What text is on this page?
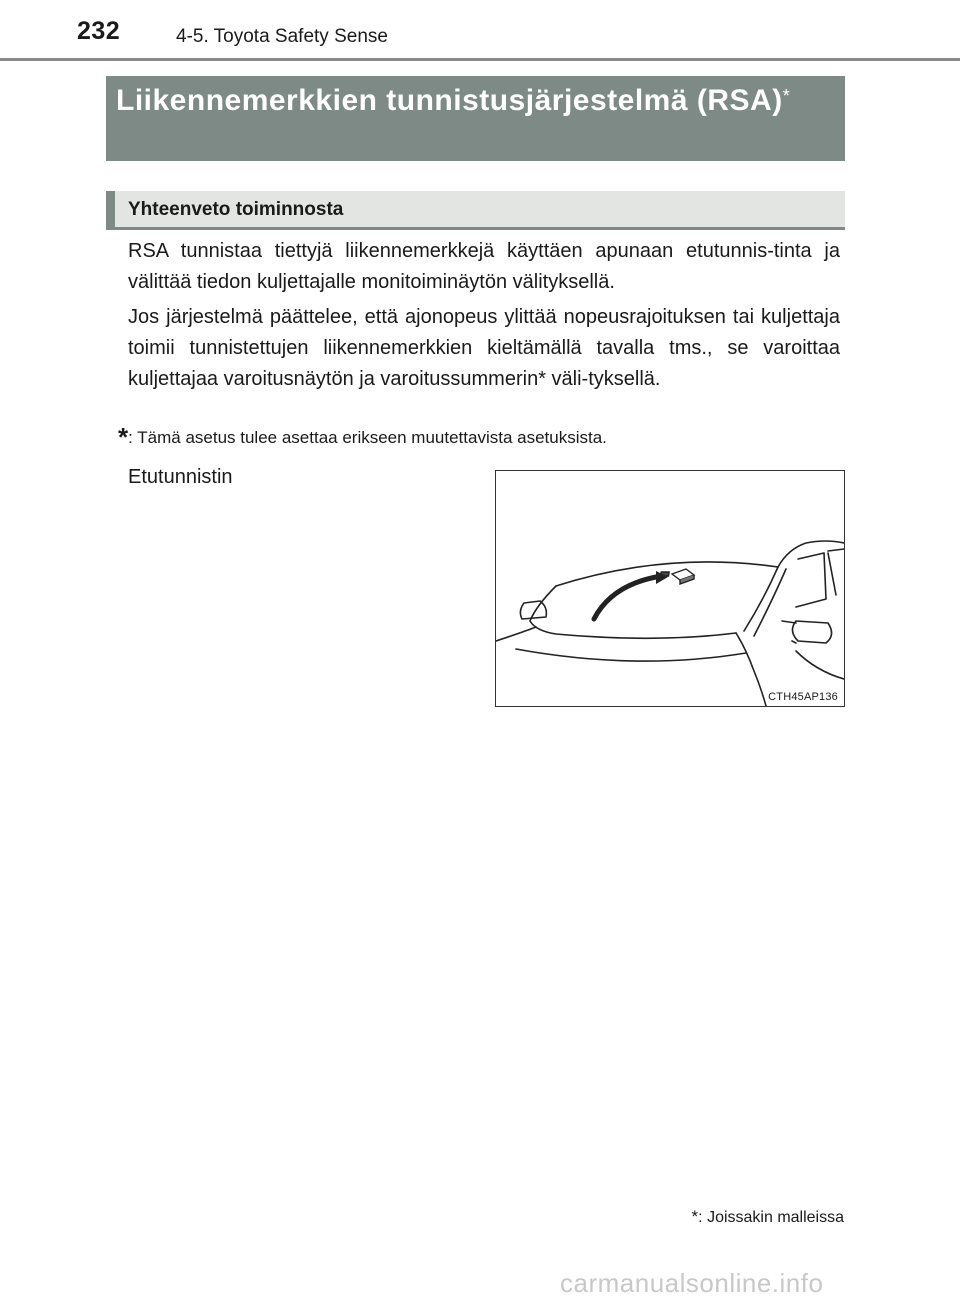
232	4-5. Toyota Safety Sense
Liikennemerkkien tunnistusjärjestelmä (RSA)*
Yhteenveto toiminnosta

RSA tunnistaa tiettyjä liikennemerkkejä käyttäen apunaan etutunnis-tinta ja välittää tiedon kuljettajalle monitoiminäytön välityksellä.

Jos järjestelmä päättelee, että ajonopeus ylittää nopeusrajoituksen tai kuljettaja toimii tunnistettujen liikennemerkkien kieltämällä tavalla tms., se varoittaa kuljettajaa varoitusnäytön ja varoitussummerin* väli-tyksellä.

*: Tämä asetus tulee asettaa erikseen muutettavista asetuksista.
Etutunnistin
CTH45AP136
*: Joissakin malleissa
carmanualsonline.info
